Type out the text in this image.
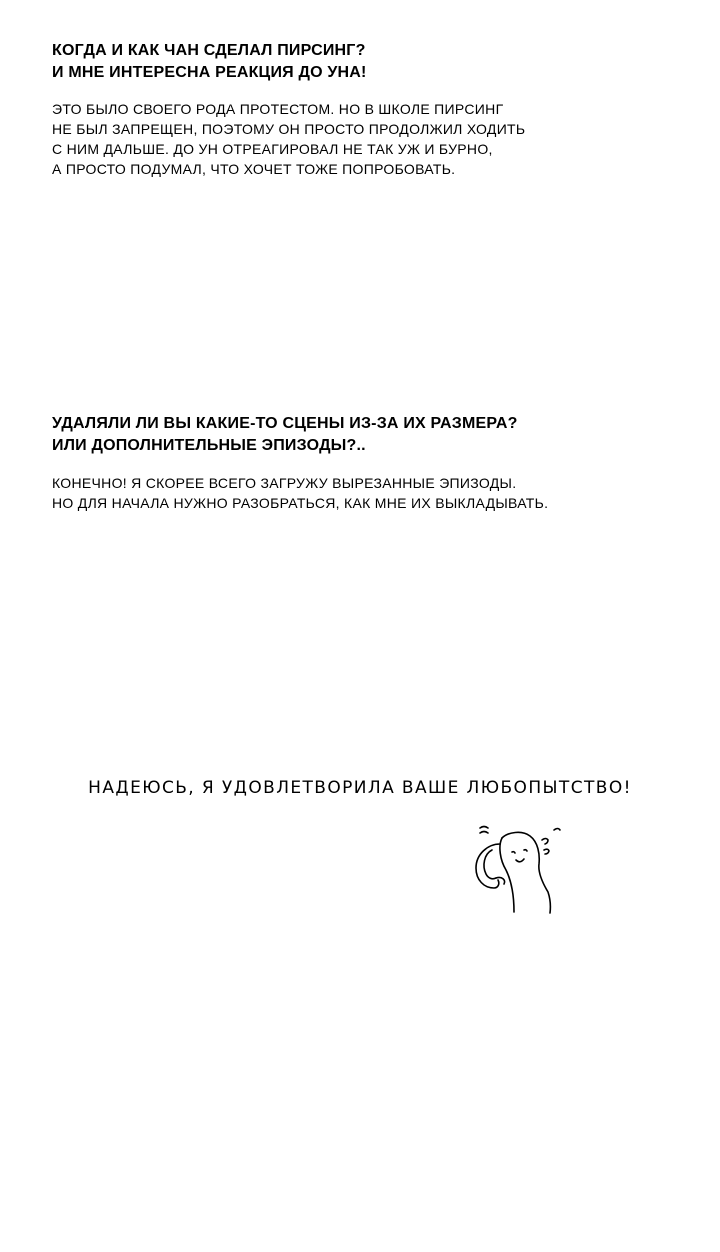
КОГДА И КАК ЧАН СДЕЛАЛ ПИРСИНГ?
И МНЕ ИНТЕРЕСНА РЕАКЦИЯ ДО УНА!

ЭТО БЫЛО СВОЕГО РОДА ПРОТЕСТОМ. НО В ШКОЛЕ ПИРСИНГ
НЕ БЫЛ ЗАПРЕЩЕН, ПОЭТОМУ ОН ПРОСТО ПРОДОЛЖИЛ ХОДИТЬ
С НИМ ДАЛЬШЕ. ДО УН ОТРЕАГИРОВАЛ НЕ ТАК УЖ И БУРНО,
А ПРОСТО ПОДУМАЛ, ЧТО ХОЧЕТ ТОЖЕ ПОПРОБОВАТЬ.

УДАЛЯЛИ ЛИ ВЫ КАКИЕ-ТО СЦЕНЫ ИЗ-ЗА ИХ РАЗМЕРА?
ИЛИ ДОПОЛНИТЕЛЬНЫЕ ЭПИЗОДЫ?..

КОНЕЧНО! Я СКОРЕЕ ВСЕГО ЗАГРУЖУ ВЫРЕЗАННЫЕ ЭПИЗОДЫ.
НО ДЛЯ НАЧАЛА НУЖНО РАЗОБРАТЬСЯ, КАК МНЕ ИХ ВЫКЛАДЫВАТЬ.

НАДЕЮСЬ, Я УДОВЛЕТВОРИЛА ВАШЕ ЛЮБОПЫТСТВО!
